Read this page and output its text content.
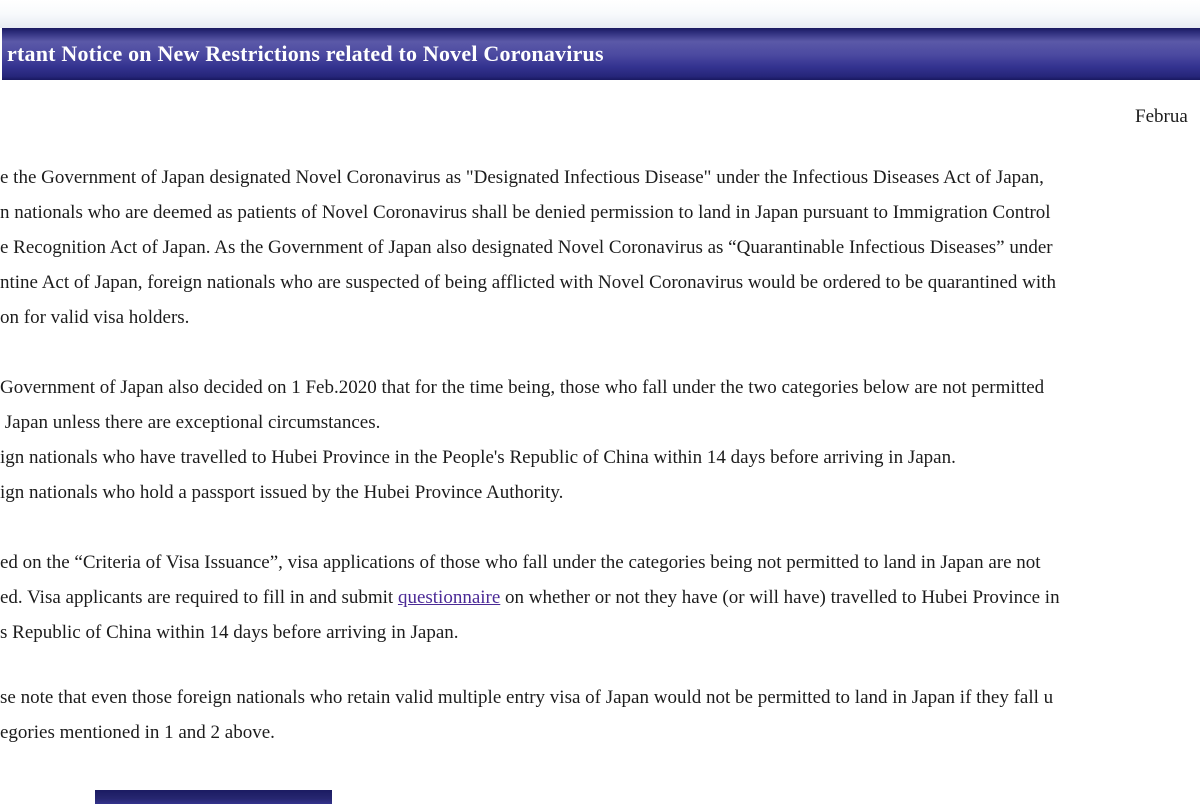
rtant Notice on New Restrictions related to Novel Coronavirus
Februa
e the Government of Japan designated Novel Coronavirus as "Designated Infectious Disease" under the Infectious Diseases Act of Japan,
n nationals who are deemed as patients of Novel Coronavirus shall be denied permission to land in Japan pursuant to Immigration Control
e Recognition Act of Japan. As the Government of Japan also designated Novel Coronavirus as “Quarantinable Infectious Diseases” under
ntine Act of Japan, foreign nationals who are suspected of being afflicted with Novel Coronavirus would be ordered to be quarantined with
on for valid visa holders.
Government of Japan also decided on 1 Feb.2020 that for the time being, those who fall under the two categories below are not permitted
Japan unless there are exceptional circumstances.
ign nationals who have travelled to Hubei Province in the People's Republic of China within 14 days before arriving in Japan.
ign nationals who hold a passport issued by the Hubei Province Authority.
ed on the “Criteria of Visa Issuance”, visa applications of those who fall under the categories being not permitted to land in Japan are not
ed. Visa applicants are required to fill in and submit questionnaire on whether or not they have (or will have) travelled to Hubei Province in
s Republic of China within 14 days before arriving in Japan.
se note that even those foreign nationals who retain valid multiple entry visa of Japan would not be permitted to land in Japan if they fall u
egories mentioned in 1 and 2 above.
